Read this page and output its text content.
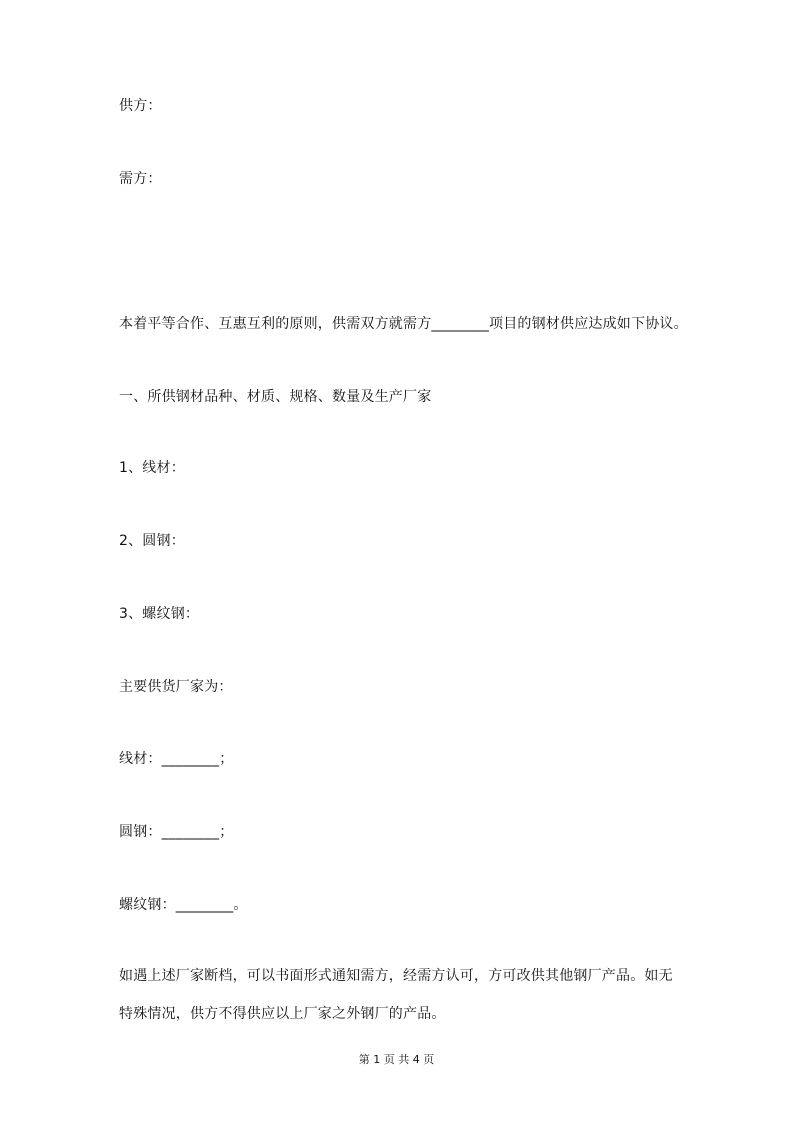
供方：
需方：
本着平等合作、互惠互利的原则，供需双方就需方________项目的钢材供应达成如下协议。
一、所供钢材品种、材质、规格、数量及生产厂家
1、线材：
2、圆钢：
3、螺纹钢：
主要供货厂家为：
线材：________；
圆钢：________；
螺纹钢：________。
如遇上述厂家断档，可以书面形式通知需方，经需方认可，方可改供其他钢厂产品。如无特殊情况，供方不得供应以上厂家之外钢厂的产品。
第 1 页 共 4 页
